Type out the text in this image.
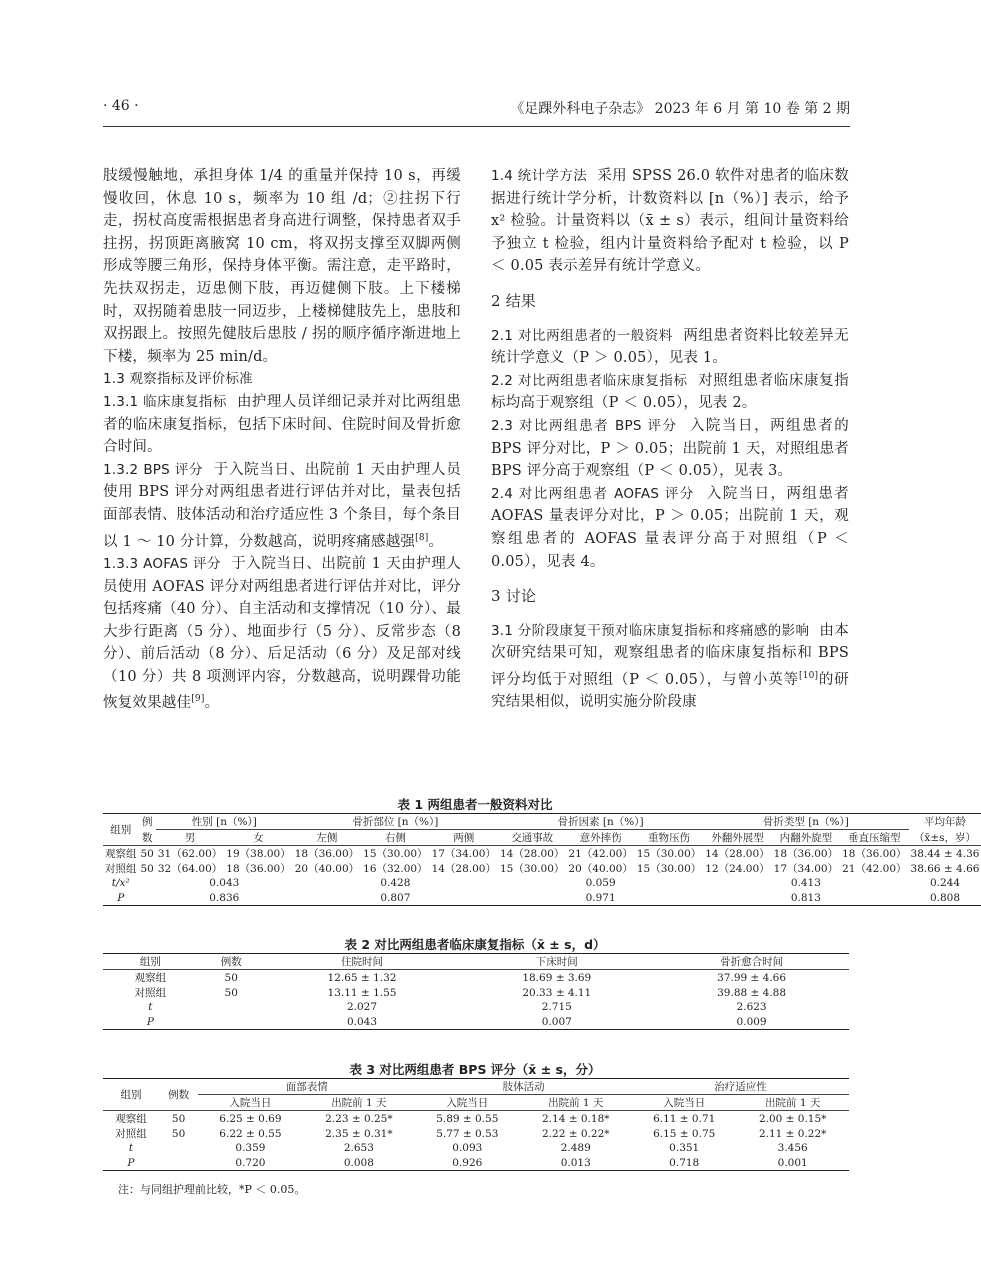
· 46 ·	《足踝外科电子杂志》 2023 年 6 月 第 10 卷 第 2 期

肢缓慢触地，承担身体 1/4 的重量并保持 10 s，再缓慢收回，休息 10 s，频率为 10 组 /d；②拄拐下行走，拐杖高度需根据患者身高进行调整，保持患者双手拄拐，拐顶距离腋窝 10 cm，将双拐支撑至双脚两侧形成等腰三角形，保持身体平衡。需注意，走平路时，先扶双拐走，迈患侧下肢，再迈健侧下肢。上下楼梯时，双拐随着患肢一同迈步，上楼梯健肢先上，患肢和双拐跟上。按照先健肢后患肢 / 拐的顺序循序渐进地上下楼，频率为 25 min/d。

1.3 观察指标及评价标准

1.3.1 临床康复指标 由护理人员详细记录并对比两组患者的临床康复指标，包括下床时间、住院时间及骨折愈合时间。

1.3.2 BPS 评分 于入院当日、出院前 1 天由护理人员使用 BPS 评分对两组患者进行评估并对比，量表包括面部表情、肢体活动和治疗适应性 3 个条目，每个条目以 1 ～ 10 分计算，分数越高，说明疼痛感越强[8]。

1.3.3 AOFAS 评分 于入院当日、出院前 1 天由护理人员使用 AOFAS 评分对两组患者进行评估并对比，评分包括疼痛（40 分）、自主活动和支撑情况（10 分）、最大步行距离（5 分）、地面步行（5 分）、反常步态（8 分）、前后活动（8 分）、后足活动（6 分）及足部对线（10 分）共 8 项测评内容，分数越高，说明踝骨功能恢复效果越佳[9]。

1.4 统计学方法 采用 SPSS 26.0 软件对患者的临床数据进行统计学分析，计数资料以 [n（%）] 表示，给予 x² 检验。计量资料以（x̄ ± s）表示，组间计量资料给予独立 t 检验，组内计量资料给予配对 t 检验，以 P ＜ 0.05 表示差异有统计学意义。

2 结果

2.1 对比两组患者的一般资料 两组患者资料比较差异无统计学意义（P ＞ 0.05），见表 1。

2.2 对比两组患者临床康复指标 对照组患者临床康复指标均高于观察组（P ＜ 0.05），见表 2。

2.3 对比两组患者 BPS 评分 入院当日，两组患者的 BPS 评分对比，P ＞ 0.05；出院前 1 天，对照组患者 BPS 评分高于观察组（P ＜ 0.05），见表 3。

2.4 对比两组患者 AOFAS 评分 入院当日，两组患者 AOFAS 量表评分对比，P ＞ 0.05；出院前 1 天，观察组患者的 AOFAS 量表评分高于对照组（P ＜ 0.05），见表 4。

3 讨论

3.1 分阶段康复干预对临床康复指标和疼痛感的影响 由本次研究结果可知，观察组患者的临床康复指标和 BPS 评分均低于对照组（P ＜ 0.05），与曾小英等[10]的研究结果相似，说明实施分阶段康

表 1 两组患者一般资料对比
组别	例	性别 [n（%）]		骨折部位 [n（%）]			骨折因素 [n（%）]			骨折类型 [n（%）]			平均年龄
	数	男	女	左侧	右侧	两侧	交通事故	意外摔伤	重物压伤	外翻外展型	内翻外旋型	垂直压缩型	（x̄±s，岁）
观察组	50	31（62.00）	19（38.00）	18（36.00）	15（30.00）	17（34.00）	14（28.00）	21（42.00）	15（30.00）	14（28.00）	18（36.00）	18（36.00）	38.44 ± 4.36
对照组	50	32（64.00）	18（36.00）	20（40.00）	16（32.00）	14（28.00）	15（30.00）	20（40.00）	15（30.00）	12（24.00）	17（34.00）	21（42.00）	38.66 ± 4.66
t/x²		0.043		0.428			0.059			0.413			0.244
P		0.836		0.807			0.971			0.813			0.808
表 2 对比两组患者临床康复指标（x̄ ± s，d）
组别	例数	住院时间	下床时间	骨折愈合时间
观察组	50	12.65 ± 1.32	18.69 ± 3.69	37.99 ± 4.66
对照组	50	13.11 ± 1.55	20.33 ± 4.11	39.88 ± 4.88
t		2.027	2.715	2.623
P		0.043	0.007	0.009
表 3 对比两组患者 BPS 评分（x̄ ± s，分）
组别	例数	面部表情		肢体活动		治疗适应性	
		入院当日	出院前 1 天	入院当日	出院前 1 天	入院当日	出院前 1 天
观察组	50	6.25 ± 0.69	2.23 ± 0.25*	5.89 ± 0.55	2.14 ± 0.18*	6.11 ± 0.71	2.00 ± 0.15*
对照组	50	6.22 ± 0.55	2.35 ± 0.31*	5.77 ± 0.53	2.22 ± 0.22*	6.15 ± 0.75	2.11 ± 0.22*
t		0.359	2.653	0.093	2.489	0.351	3.456
P		0.720	0.008	0.926	0.013	0.718	0.001
注：与同组护理前比较，*P ＜ 0.05。
